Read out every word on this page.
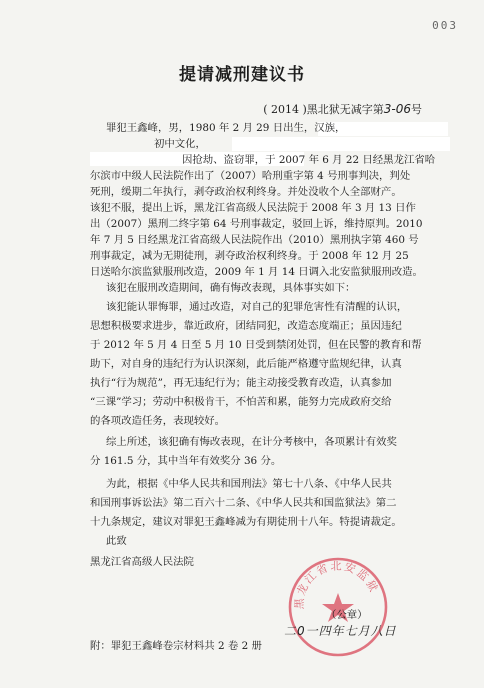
003
提请减刑建议书
( 2014 )黑北狱无减字第3-06号
罪犯王鑫峰，男，1980 年 2 月 29 日出生，汉族，
初中文化，
因抢劫、盗窃罪，于 2007 年 6 月 22 日经黑龙江省哈
尔滨市中级人民法院作出了（2007）哈刑重字第 4 号刑事判决，判处
死刑，缓期二年执行，剥夺政治权利终身。并处没收个人全部财产。
该犯不服，提出上诉，黑龙江省高级人民法院于 2008 年 3 月 13 日作
出（2007）黑刑二终字第 64 号刑事裁定，驳回上诉，维持原判。2010
年 7 月 5 日经黑龙江省高级人民法院作出（2010）黑刑执字第 460 号
刑事裁定，减为无期徒刑，剥夺政治权利终身。于 2008 年 12 月 25
日送哈尔滨监狱服刑改造，2009 年 1 月 14 日调入北安监狱服刑改造。
该犯在服刑改造期间，确有悔改表现，具体事实如下：
该犯能认罪悔罪，通过改造，对自己的犯罪危害性有清醒的认识，
思想积极要求进步，靠近政府，团结同犯，改造态度端正；虽因违纪
于 2012 年 5 月 4 日至 5 月 10 日受到禁闭处罚，但在民警的教育和帮
助下，对自身的违纪行为认识深刻，此后能严格遵守监规纪律，认真
执行“行为规范”，再无违纪行为；能主动接受教育改造，认真参加
“三课”学习；劳动中积极肯干，不怕苦和累，能努力完成政府交给
的各项改造任务，表现较好。
综上所述，该犯确有悔改表现，在计分考核中，各项累计有效奖
分 161.5 分，其中当年有效奖分 36 分。
为此，根据《中华人民共和国刑法》第七十八条、《中华人民共
和国刑事诉讼法》第二百六十二条、《中华人民共和国监狱法》第二
十九条规定，建议对罪犯王鑫峰减为有期徒刑十八年。特提请裁定。
此致
黑龙江省高级人民法院
黑龙江省北安监狱
（公章）
二0一四年七月八日
附：罪犯王鑫峰卷宗材料共 2 卷 2 册
